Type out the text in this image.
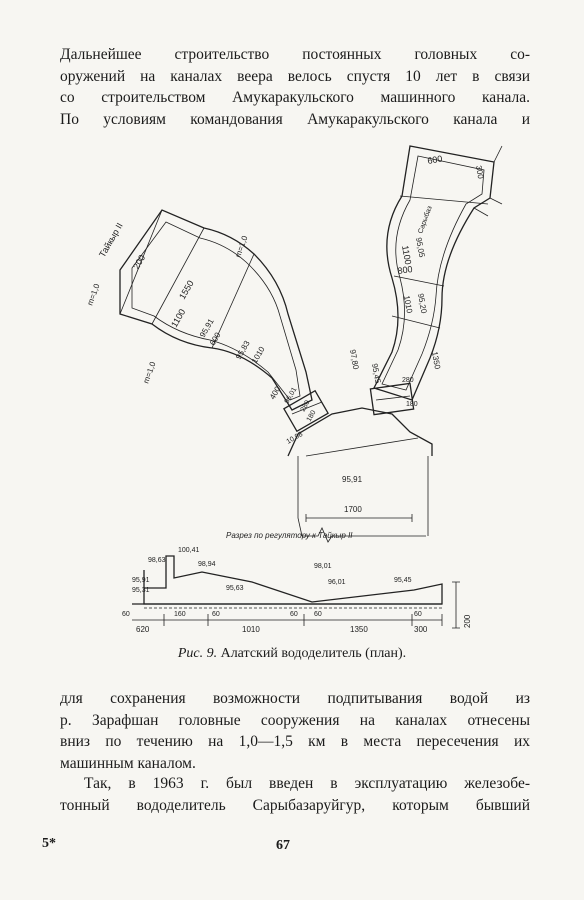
Дальнейшее строительство постоянных головных со-
оружений на каналах веера велось спустя 10 лет в связи
со строительством Амукаракульского машинного канала.
По условиям командования Амукаракульского канала и
Тайкыр II
m=1,0
m=1,0
m=1,0
200
1550
1100 95,91
600
95,83
1010
400 96,01
280
180
10,98
600
300
Сарыбаз
1100 95,05
800
1010 95,20
1350
95,45
97,80
280
180
95,91
1700
Разрез по регулятору к Тайкыр II
100,41
98,63
98,94	98,01
95,91
95,63
95,31
96,01	95,45
60	160	60	60 60	60
620	1010	1350	300
200
Рис. 9. Алатский вододелитель (план).
для сохранения возможности подпитывания водой из
р. Зарафшан головные сооружения на каналах отнесены
вниз по течению на 1,0—1,5 км в места пересечения их
машинным каналом.
Так, в 1963 г. был введен в эксплуатацию железобе-
тонный вододелитель Сарыбазаруйгур, которым бывший
5*	67
